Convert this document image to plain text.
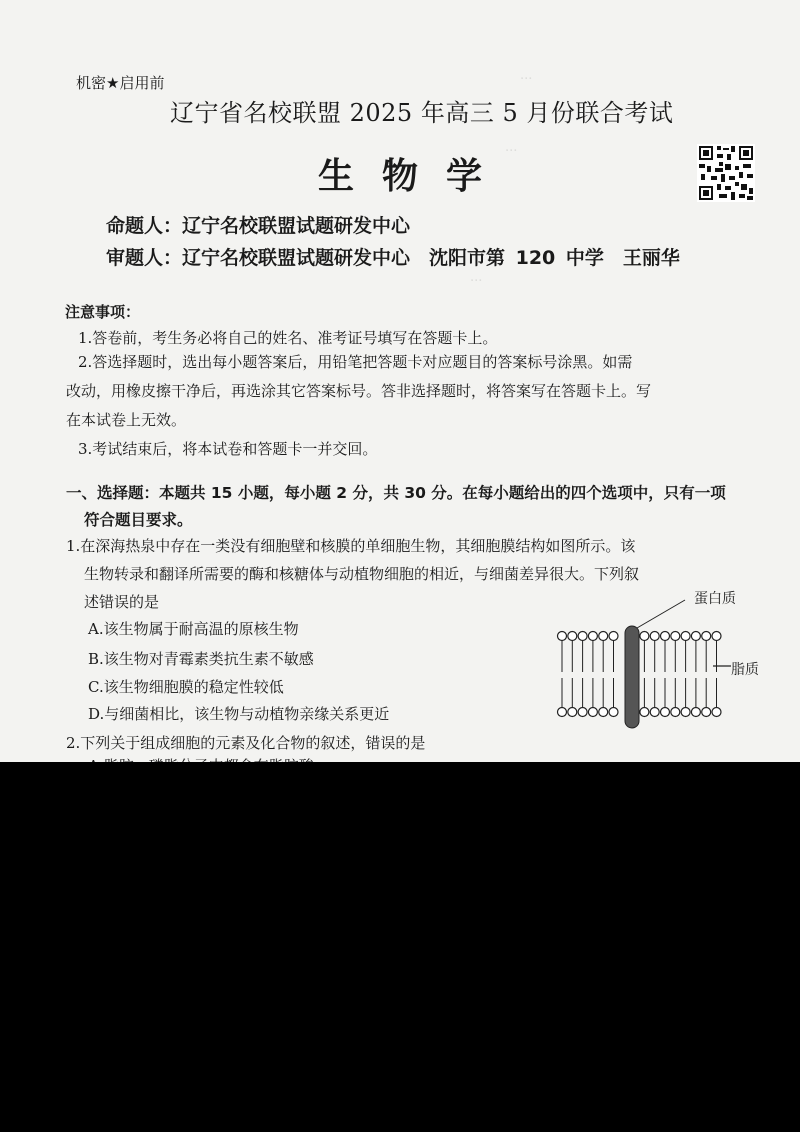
...
...
...
机密★启用前
辽宁省名校联盟 2025 年高三 5 月份联合考试
生物学
命题人：辽宁名校联盟试题研发中心
审题人：辽宁名校联盟试题研发中心　沈阳市第 120 中学　王丽华
注意事项：
1.答卷前，考生务必将自己的姓名、准考证号填写在答题卡上。
2.答选择题时，选出每小题答案后，用铅笔把答题卡对应题目的答案标号涂黑。如需
改动，用橡皮擦干净后，再选涂其它答案标号。答非选择题时，将答案写在答题卡上。写
在本试卷上无效。
3.考试结束后，将本试卷和答题卡一并交回。
一、选择题：本题共 15 小题，每小题 2 分，共 30 分。在每小题给出的四个选项中，只有一项
符合题目要求。
1.在深海热泉中存在一类没有细胞壁和核膜的单细胞生物，其细胞膜结构如图所示。该
生物转录和翻译所需要的酶和核糖体与动植物细胞的相近，与细菌差异很大。下列叙
述错误的是
A.该生物属于耐高温的原核生物
B.该生物对青霉素类抗生素不敏感
C.该生物细胞膜的稳定性较低
D.与细菌相比，该生物与动植物亲缘关系更近
蛋白质
脂质
2.下列关于组成细胞的元素及化合物的叙述，错误的是
